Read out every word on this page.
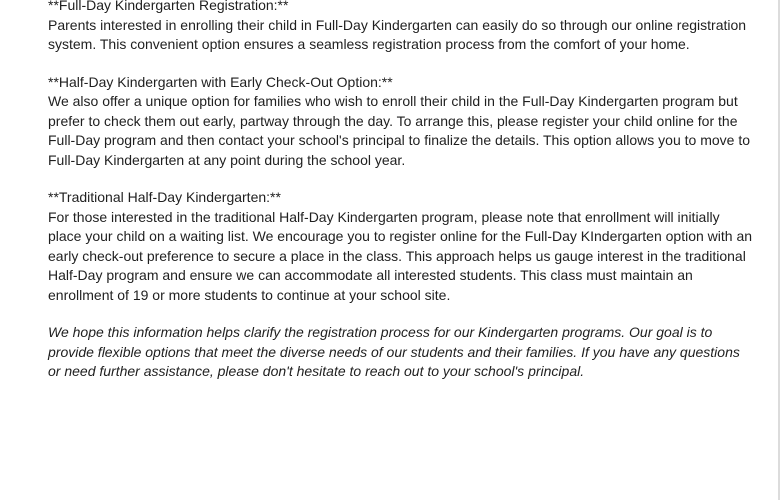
**Full-Day Kindergarten Registration:**
Parents interested in enrolling their child in Full-Day Kindergarten can easily do so through our online registration system. This convenient option ensures a seamless registration process from the comfort of your home.
**Half-Day Kindergarten with Early Check-Out Option:**
We also offer a unique option for families who wish to enroll their child in the Full-Day Kindergarten program but prefer to check them out early, partway through the day. To arrange this, please register your child online for the Full-Day program and then contact your school's principal to finalize the details. This option allows you to move to Full-Day Kindergarten at any point during the school year.
**Traditional Half-Day Kindergarten:**
For those interested in the traditional Half-Day Kindergarten program, please note that enrollment will initially place your child on a waiting list. We encourage you to register online for the Full-Day KIndergarten option with an early check-out preference to secure a place in the class. This approach helps us gauge interest in the traditional Half-Day program and ensure we can accommodate all interested students. This class must maintain an enrollment of 19 or more students to continue at your school site.
We hope this information helps clarify the registration process for our Kindergarten programs. Our goal is to provide flexible options that meet the diverse needs of our students and their families. If you have any questions or need further assistance, please don't hesitate to reach out to your school's principal.
